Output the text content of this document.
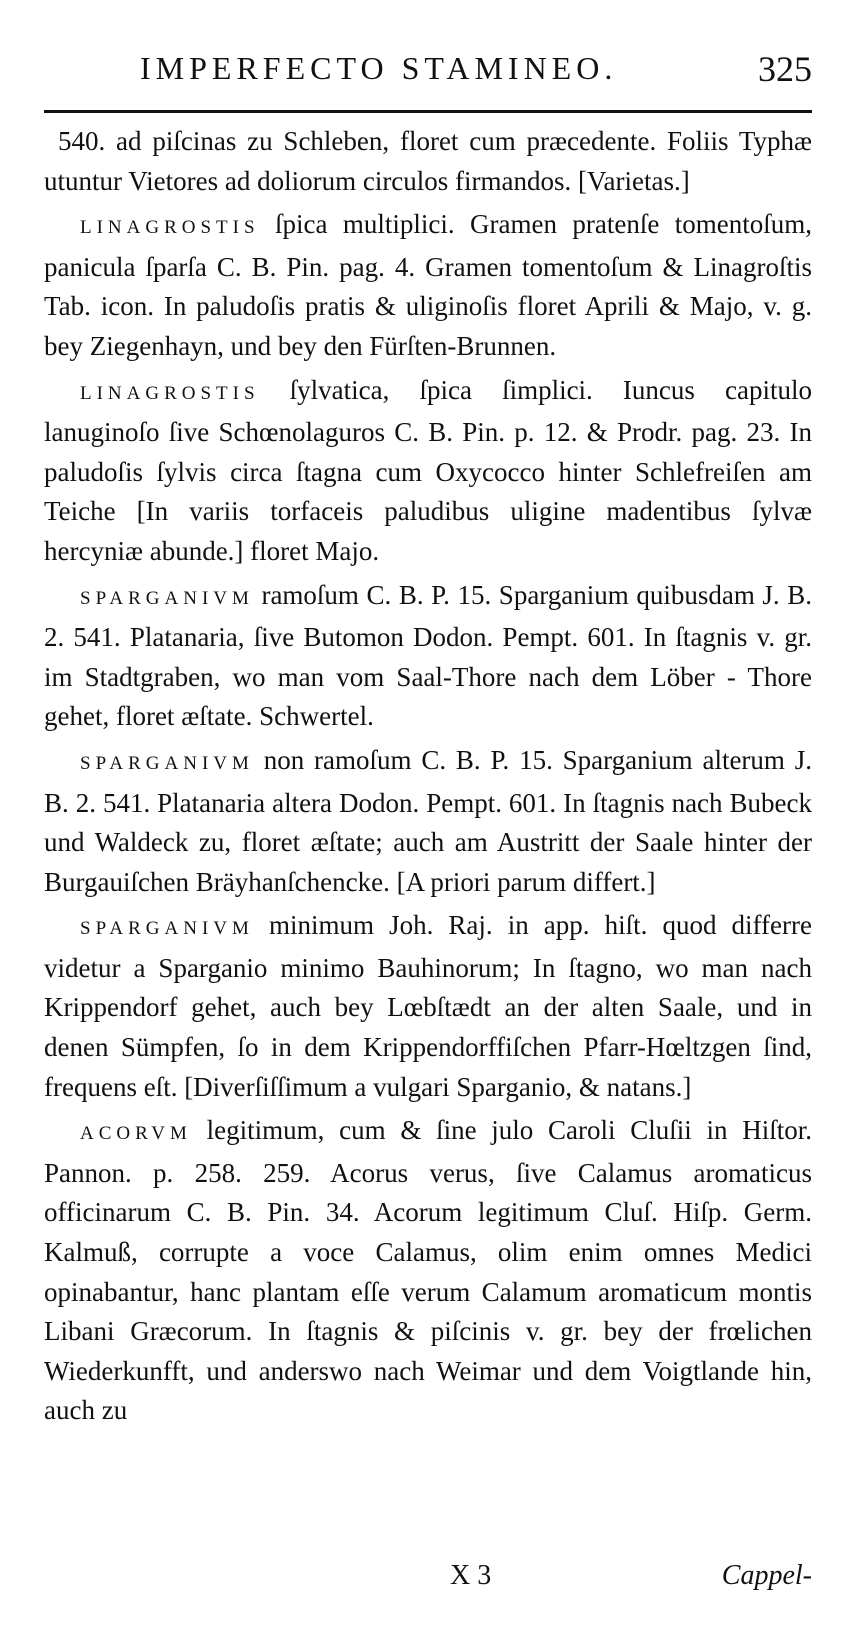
IMPERFECTO STAMINEO.	325

540. ad piſcinas zu Schleben, floret cum præcedente. Foliis Typhæ utuntur Vietores ad doliorum circulos firmandos. [Varietas.]

LINAGROSTIS ſpica multiplici. Gramen pratenſe tomentoſum, panicula ſparſa C. B. Pin. pag. 4. Gramen tomentoſum & Linagroſtis Tab. icon. In paludoſis pratis & uliginoſis floret Aprili & Majo, v. g. bey Ziegenhayn, und bey den Fürſten-Brunnen.

LINAGROSTIS ſylvatica, ſpica ſimplici. Iuncus capitulo lanuginoſo ſive Schœnolaguros C. B. Pin. p. 12. & Prodr. pag. 23. In paludoſis ſylvis circa ſtagna cum Oxycocco hinter Schlefreiſen am Teiche [In variis torfaceis paludibus uligine madentibus ſylvæ hercyniæ abunde.] floret Majo.

SPARGANIVM ramoſum C. B. P. 15. Sparganium quibusdam J. B. 2. 541. Platanaria, ſive Butomon Dodon. Pempt. 601. In ſtagnis v. gr. im Stadtgraben, wo man vom Saal-Thore nach dem Löber - Thore gehet, floret æſtate. Schwertel.

SPARGANIVM non ramoſum C. B. P. 15. Sparganium alterum J. B. 2. 541. Platanaria altera Dodon. Pempt. 601. In ſtagnis nach Bubeck und Waldeck zu, floret æſtate; auch am Austritt der Saale hinter der Burgauiſchen Bräyhanſchencke. [A priori parum differt.]

SPARGANIVM minimum Joh. Raj. in app. hiſt. quod differre videtur a Sparganio minimo Bauhinorum; In ſtagno, wo man nach Krippendorf gehet, auch bey Lœbſtædt an der alten Saale, und in denen Sümpfen, ſo in dem Krippendorffiſchen Pfarr-Hœltzgen ſind, frequens eſt. [Diverſiſſimum a vulgari Sparganio, & natans.]

ACORVM legitimum, cum & ſine julo Caroli Cluſii in Hiſtor. Pannon. p. 258. 259. Acorus verus, ſive Calamus aromaticus officinarum C. B. Pin. 34. Acorum legitimum Cluſ. Hiſp. Germ. Kalmuß, corrupte a voce Calamus, olim enim omnes Medici opinabantur, hanc plantam eſſe verum Calamum aromaticum montis Libani Græcorum. In ſtagnis & piſcinis v. gr. bey der frœlichen Wiederkunfft, und anderswo nach Weimar und dem Voigtlande hin, auch zu

X 3	Cappel-
